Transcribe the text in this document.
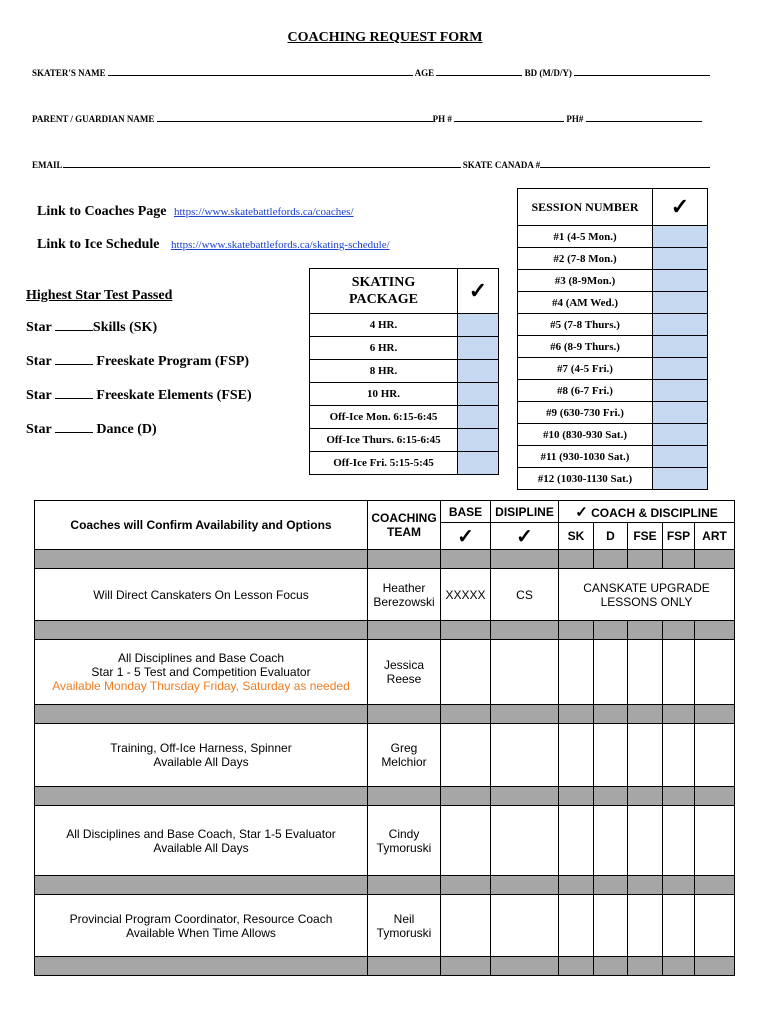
COACHING REQUEST FORM
SKATER'S NAME	AGE	BD (M/D/Y)
PARENT / GUARDIAN NAME	PH #	PH#
EMAIL	SKATE CANADA #
Link to Coaches Page https://www.skatebattlefords.ca/coaches/
Link to Ice Schedule https://www.skatebattlefords.ca/skating-schedule/
Highest Star Test Passed
Star	Skills (SK)
Star	Freeskate Program (FSP)
Star	Freeskate Elements (FSE)
Star	Dance (D)
SKATING
PACKAGE	✓
4 HR.	
6 HR.	
8 HR.	
10 HR.	
Off-Ice Mon. 6:15-6:45	
Off-Ice Thurs. 6:15-6:45	
Off-Ice Fri. 5:15-5:45	
SESSION NUMBER	✓
#1 (4-5 Mon.)	
#2 (7-8 Mon.)	
#3 (8-9Mon.)	
#4 (AM Wed.)	
#5 (7-8 Thurs.)	
#6 (8-9 Thurs.)	
#7 (4-5 Fri.)	
#8 (6-7 Fri.)	
#9 (630-730 Fri.)	
#10 (830-930 Sat.)	
#11 (930-1030 Sat.)	
#12 (1030-1130 Sat.)	
Coaches will Confirm Availability and Options	COACHING TEAM	BASE	DISIPLINE	✓ COACH & DISCIPLINE				
		✓	✓	SK	D	FSE	FSP	ART

Will Direct Canskaters On Lesson Focus	Heather
Berezowski	XXXXX	CS	CANSKATE UPGRADE
LESSONS ONLY				

All Disciplines and Base Coach
Star 1 - 5 Test and Competition Evaluator
Available Monday Thursday Friday, Saturday as needed	Jessica
Reese							

Training, Off-Ice Harness, Spinner
Available All Days	Greg
Melchior							

All Disciplines and Base Coach, Star 1-5 Evaluator
Available All Days	Cindy
Tymoruski							

Provincial Program Coordinator, Resource Coach
Available When Time Allows	Neil
Tymoruski							
